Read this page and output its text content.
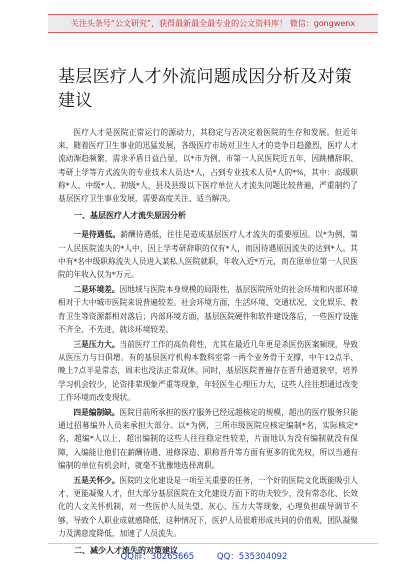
关注头条号“公文研究”，获得最新最全最专业的公文资料库！ 微信：gongwenx
基层医疗人才外流问题成因分析及对策建议

医疗人才是医院正常运行的源动力，其稳定与否决定着医院的生存和发展。但近年来，随着医疗卫生事业的迅猛发展，各级医疗市场对卫生人才的竞争日趋激烈，医疗人才流动渐趋频繁，需求矛盾日益凸显，以*市为例，市第一人民医院近五年，因跳槽辞职、考研上学等方式流失的专业技术人员达*人，占到专业技术人员*人的*%，其中：高级职称*人、中级*人、初级*人，县及县级以下医疗单位人才流失问题比较普遍，严重制约了基层医疗卫生事业发展，需要高度关注、适当解决。

一、基层医疗人才流失原因分析

一是待遇低。薪酬待遇低，往往是造成基层医疗人才流失的重要原因。以*为例，第一人民医院流失的*人中，因上学考研辞职的仅有*人，而因待遇原因流失的达到*人。其中有*名中级职称流失人员进入某私人医院就职，年收入近*万元，而在原单位第一人民医院的年收入仅为*万元。

二是环境差。因地域与医院本身规模的局限性，基层医院所处的社会环境和内部环境相对于大中城市医院来说普遍较差。社会环境方面，生活环境、交通状况、文化娱乐、教育卫生等资源都相对落后；内部环境方面，基层医院硬件和软件建设落后，一些医疗设施不齐全、不先进，就诊环境较差。

三是压力大。当前医疗工作的高负荷性，尤其在最近几年更是杀医伤医案频现，导致从医压力与日俱增。有的基层医疗机构本数科室常一两个业务骨干支撑，中午12点半、晚上7点半是常态，周末也没法正常双休。同时，基层医院普遍存在晋升通道狭窄，培养学习机会较少，论资排辈现象严重等现象，年轻医生心理压力大，这些人往往想通过改变工作环境而改变现状。

四是编制缺。医院目前所承担的医疗服务已经远超核定的规模，超出的医疗服务只能通过招募编外人员来承担大部分。以*为例，三所市级医院应核定编制*名，实际核定*名，超编*人以上，超出编制的这些人往往稳定性较差，片面地认为没有编制就没有保障，入编能让他们在薪酬待遇、进修深造、职称晋升等方面有更多的优先权，所以当通有编制的单位有机会时，就毫不犹豫地选择离职。

五是关怀少。医院的文化建设是一项至关重要的任务，一个好的医院文化既能吸引人才，更能凝聚人才，但大部分基层医院在文化建设方面下的功夫较少，没有常态化、长效化的人文关怀机制，对一些医护人员失望、灰心、压力大等现象，心理负担疏导调节不够，导致个人职业成就感降低，这种情况下，医护人员很难形成共同的价值观，团队凝聚力及满意度降低，加速了人员流失。

二、减少人才流失的对策建议
QQ群：30265665	QQ：535304092
